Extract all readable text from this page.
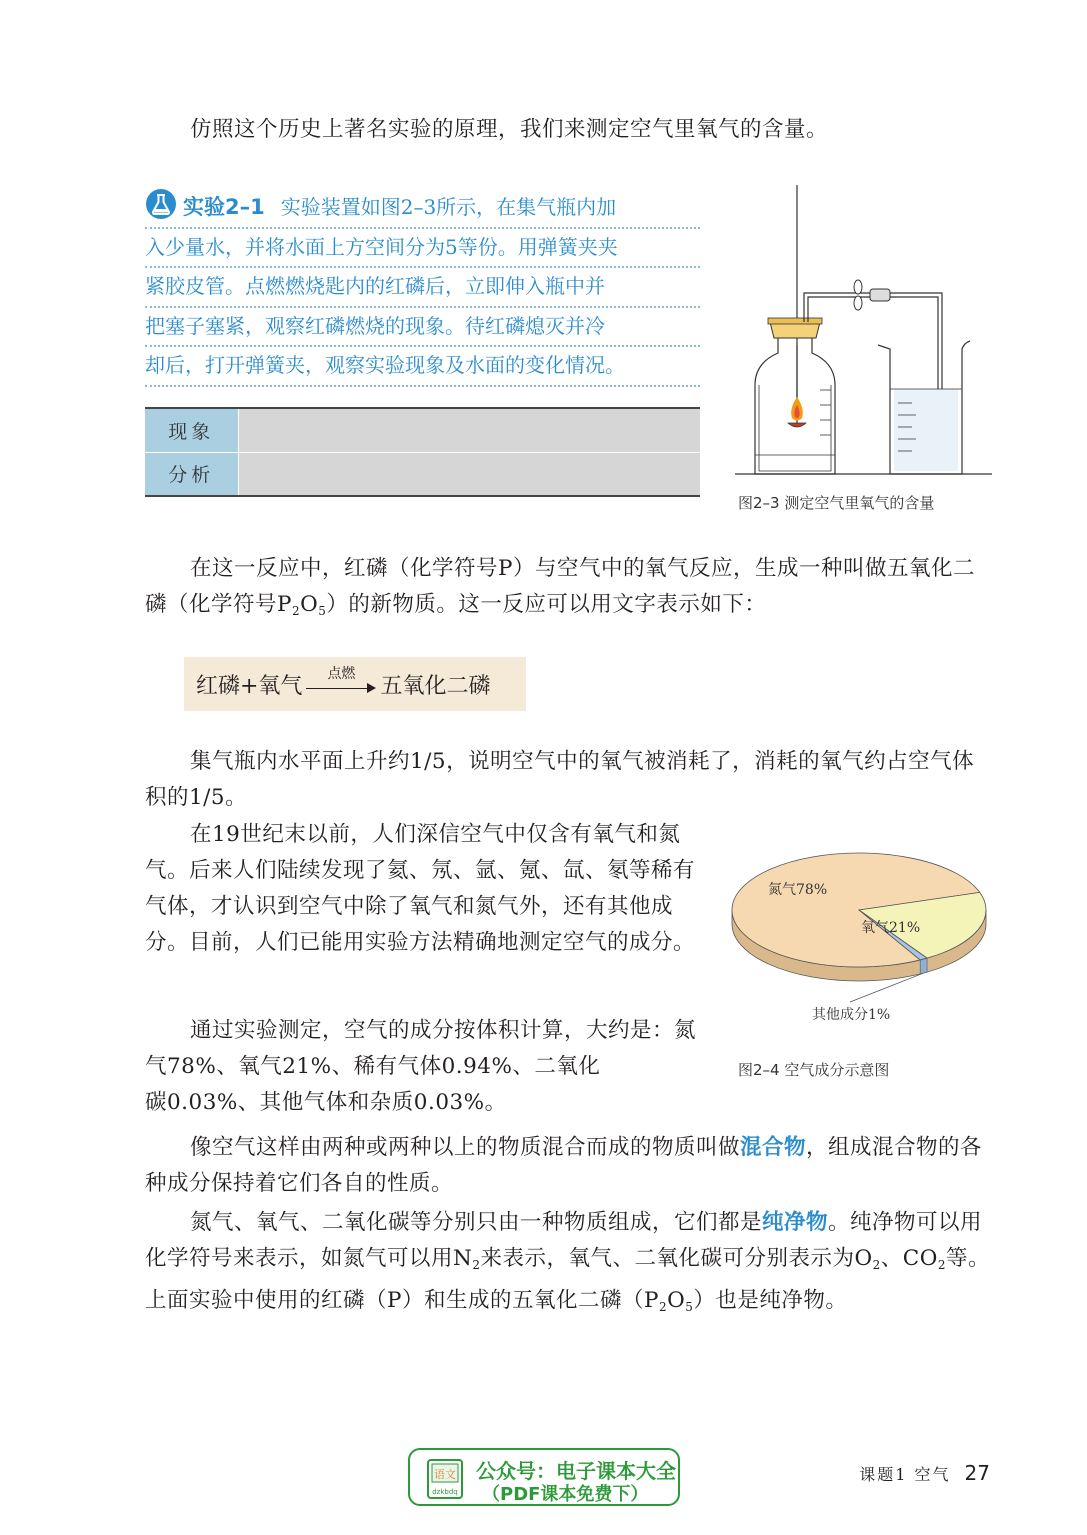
仿照这个历史上著名实验的原理，我们来测定空气里氧气的含量。

实验2–1 实验装置如图2–3所示，在集气瓶内加
入少量水，并将水面上方空间分为5等份。用弹簧夹夹
紧胶皮管。点燃燃烧匙内的红磷后，立即伸入瓶中并
把塞子塞紧，观察红磷燃烧的现象。待红磷熄灭并冷
却后，打开弹簧夹，观察实验现象及水面的变化情况。
现象	
分析	
图2–3 测定空气里氧气的含量

在这一反应中，红磷（化学符号P）与空气中的氧气反应，生成一种叫做五氧化二磷（化学符号$P_2O_5$）的新物质。这一反应可以用文字表示如下：

红磷+氧气	点燃	五氧化二磷

集气瓶内水平面上升约1/5，说明空气中的氧气被消耗了，消耗的氧气约占空气体积的1/5。

在19世纪末以前，人们深信空气中仅含有氧气和氮气。后来人们陆续发现了氦、氖、氩、氪、氙、氡等稀有气体，才认识到空气中除了氧气和氮气外，还有其他成分。目前，人们已能用实验方法精确地测定空气的成分。

氮气78%
氧气21%
其他成分1%
图2–4 空气成分示意图

通过实验测定，空气的成分按体积计算，大约是：氮气78%、氧气21%、稀有气体0.94%、二氧化

碳0.03%、其他气体和杂质0.03%。

像空气这样由两种或两种以上的物质混合而成的物质叫做混合物，组成混合物的各种成分保持着它们各自的性质。

氮气、氧气、二氧化碳等分别只由一种物质组成，它们都是纯净物。纯净物可以用化学符号来表示，如氮气可以用$N_2$来表示，氧气、二氧化碳可分别表示为$O_2$、$CO_2$等。上面实验中使用的红磷（P）和生成的五氧化二磷$(P_2O_5)$也是纯净物。

课题1 空气 27
语文
dzkbdq
公众号：电子课本大全
（PDF课本免费下）
